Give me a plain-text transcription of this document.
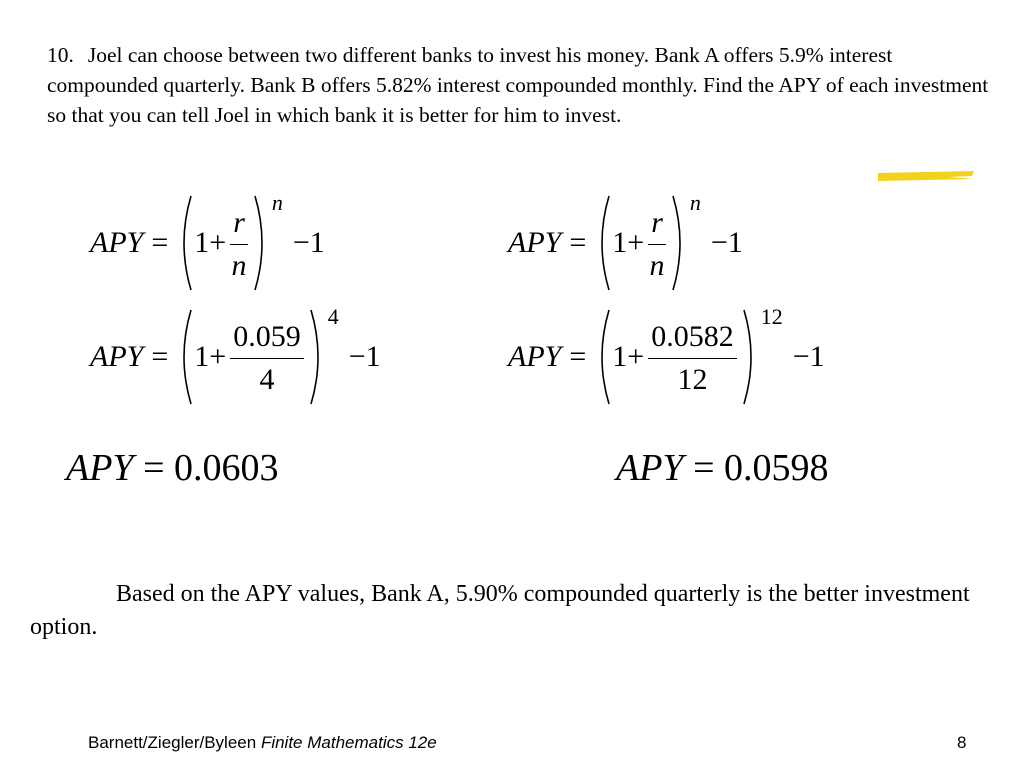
10. Joel can choose between two different banks to invest his money. Bank A offers 5.9% interest compounded quarterly. Bank B offers 5.82% interest compounded monthly. Find the APY of each investment so that you can tell Joel in which bank it is better for him to invest.

APY = $1+ \frac{r}{n}$
n
−1	APY = $1+ \frac{r}{n}$
n
−1
APY = $1+ \frac{0.059}{4}$
4
−1	APY = $1+ \frac{0.0582}{12}$
12
−1
APY = 0.0603	APY = 0.0598

Based on the APY values, Bank A, 5.90% compounded quarterly is the better investment option.

Barnett/Ziegler/Byleen Finite Mathematics 12e	8
